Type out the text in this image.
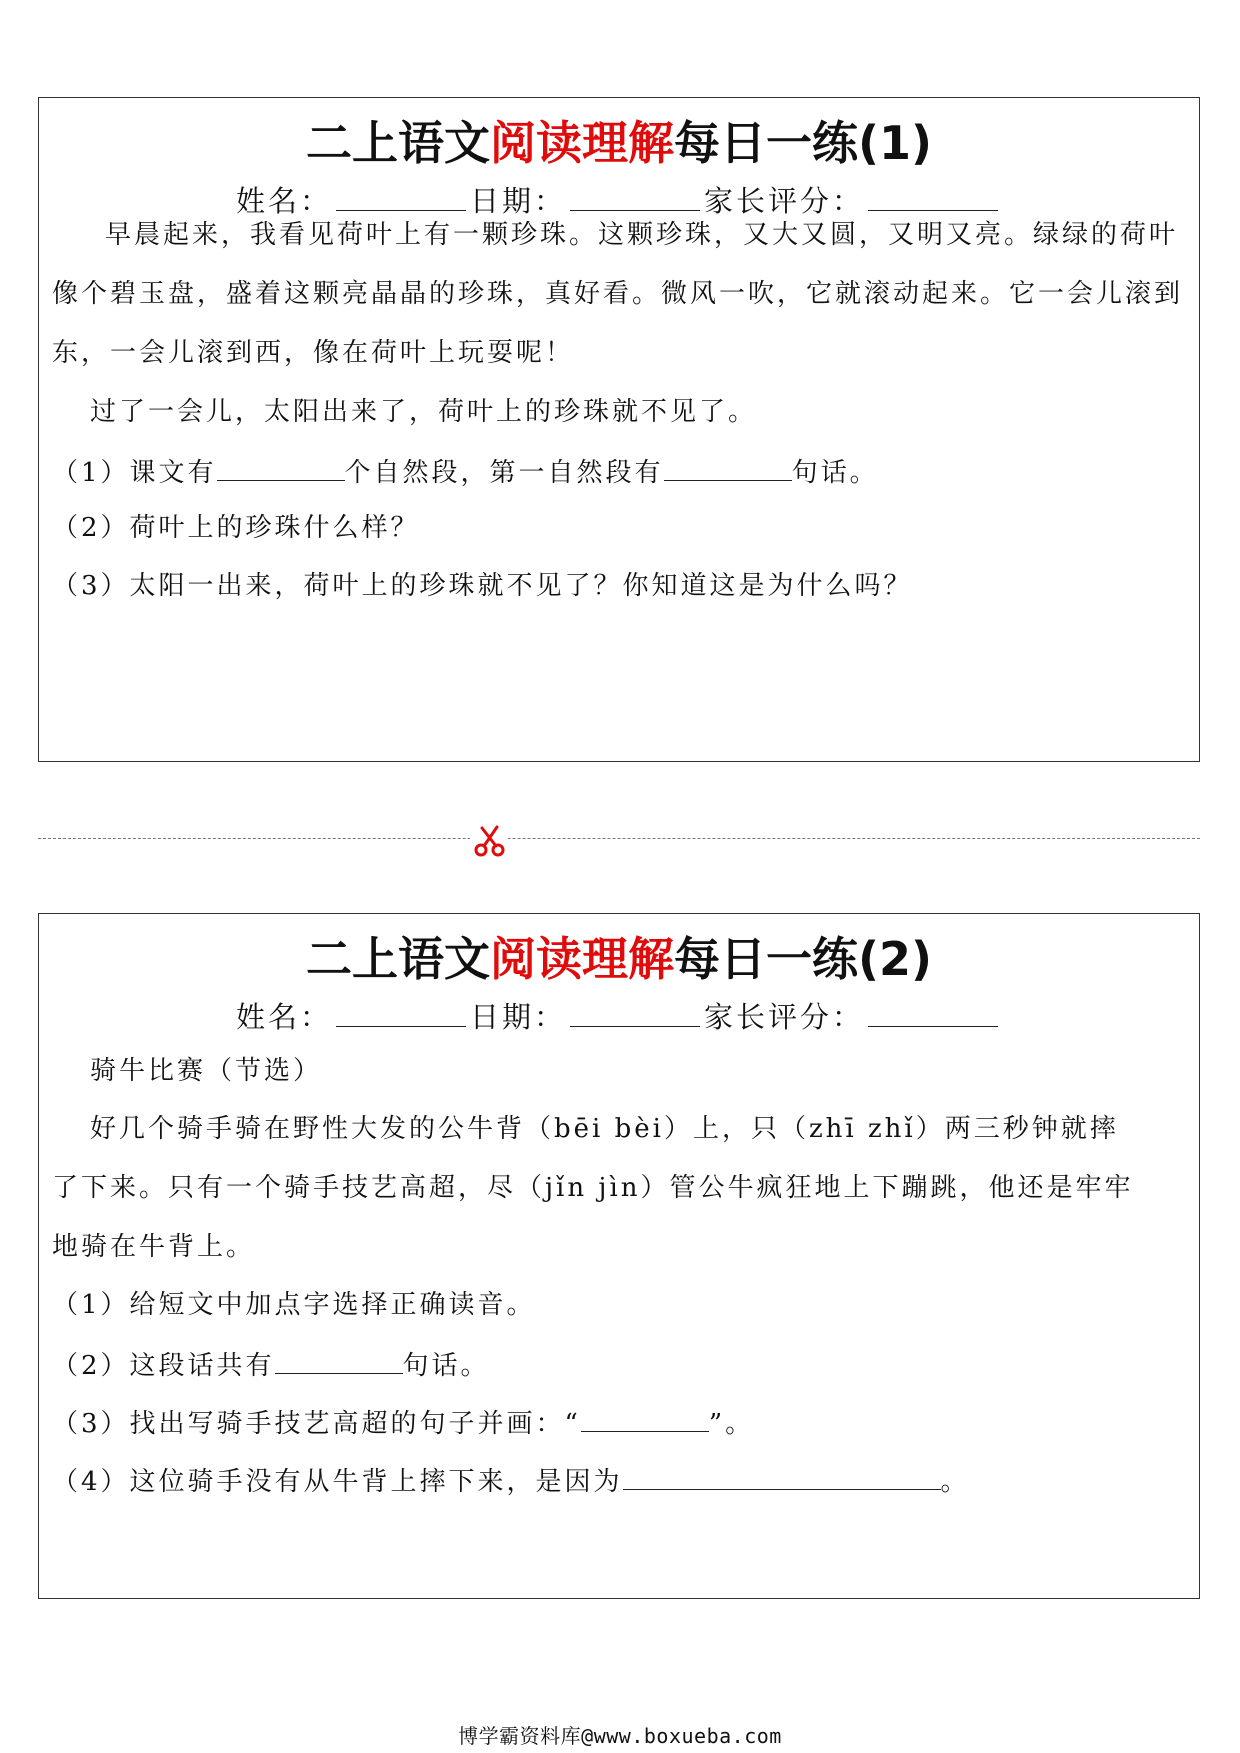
二上语文阅读理解每日一练(1)
姓名：	日期：	家长评分：
早晨起来，我看见荷叶上有一颗珍珠。这颗珍珠，又大又圆，又明又亮。绿绿的荷叶
像个碧玉盘，盛着这颗亮晶晶的珍珠，真好看。微风一吹，它就滚动起来。它一会儿滚到
东，一会儿滚到西，像在荷叶上玩耍呢！
过了一会儿，太阳出来了，荷叶上的珍珠就不见了。
（1）课文有	个自然段，第一自然段有	句话。
（2）荷叶上的珍珠什么样？
（3）太阳一出来，荷叶上的珍珠就不见了？你知道这是为什么吗？
二上语文阅读理解每日一练(2)
姓名：	日期：	家长评分：
骑牛比赛（节选）
好几个骑手骑在野性大发的公牛背（bēi bèi）上，只（zhī zhǐ）两三秒钟就摔
了下来。只有一个骑手技艺高超，尽（jǐn jìn）管公牛疯狂地上下蹦跳，他还是牢牢
地骑在牛背上。
（1）给短文中加点字选择正确读音。
（2）这段话共有	句话。
（3）找出写骑手技艺高超的句子并画：“	”。
（4）这位骑手没有从牛背上摔下来，是因为	。
博学霸资料库@www.boxueba.com
